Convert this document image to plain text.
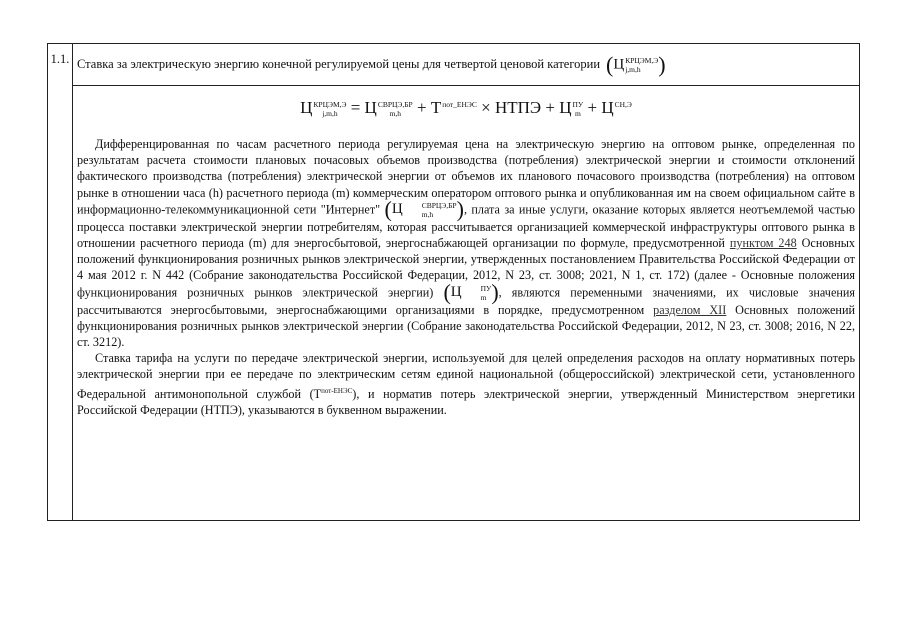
1.1. Ставка за электрическую энергию конечной регулируемой цены для четвертой ценовой категории (Ц КРЦЭМ,Э
j,m,h )
Ц КРЦЭМ,Э
j,m,h = Ц СВРЦЭ,БР
m,h + Т пот_ЕНЭС
× НТПЭ + Ц ПУ
m + Ц СН,Э

Дифференцированная по часам расчетного периода регулируемая цена на электрическую энергию на оптовом рынке, определенная по результатам расчета стоимости плановых почасовых объемов производства (потребления) электрической энергии и стоимости отклонений фактического производства (потребления) электрической энергии от объемов их планового почасового производства (потребления) на оптовом рынке в отношении часа (h) расчетного периода (m) коммерческим оператором оптового рынка и опубликованная им на своем официальном сайте в информационно-телекоммуникационной сети "Интернет" (Ц	СВРЦЭ,БР
m,h	), плата за иные услуги, оказание которых является неотъемлемой частью процесса поставки электрической энергии потребителям, которая рассчитывается организацией коммерческой инфраструктуры оптового рынка в отношении расчетного периода (m) для энергосбытовой, энергоснабжающей организации по формуле, предусмотренной пунктом 248 Основных положений функционирования розничных рынков электрической энергии, утвержденных постановлением Правительства Российской Федерации от 4 мая 2012 г. N 442 (Собрание законодательства Российской Федерации, 2012, N 23, ст. 3008; 2021, N 1, ст. 172) (далее - Основные положения функционирования розничных рынков электрической энергии) (Ц	ПУ
m ), являются переменными значениями, их числовые значения рассчитываются энергосбытовыми, энергоснабжающими организациями в порядке, предусмотренном разделом XII Основных положений функционирования розничных рынков электрической энергии (Собрание законодательства Российской Федерации, 2012, N 23, ст. 3008; 2016, N 22, ст. 3212).

Ставка тарифа на услуги по передаче электрической энергии, используемой для целей определения расходов на оплату нормативных потерь электрической энергии при ее передаче по электрическим сетям единой национальной (общероссийской) электрической сети, установленного Федеральной антимонопольной службой $(Т^{пот-ЕНЭС})$, и норматив потерь электрической энергии, утвержденный Министерством энергетики Российской Федерации (НТПЭ), указываются в буквенном выражении.
